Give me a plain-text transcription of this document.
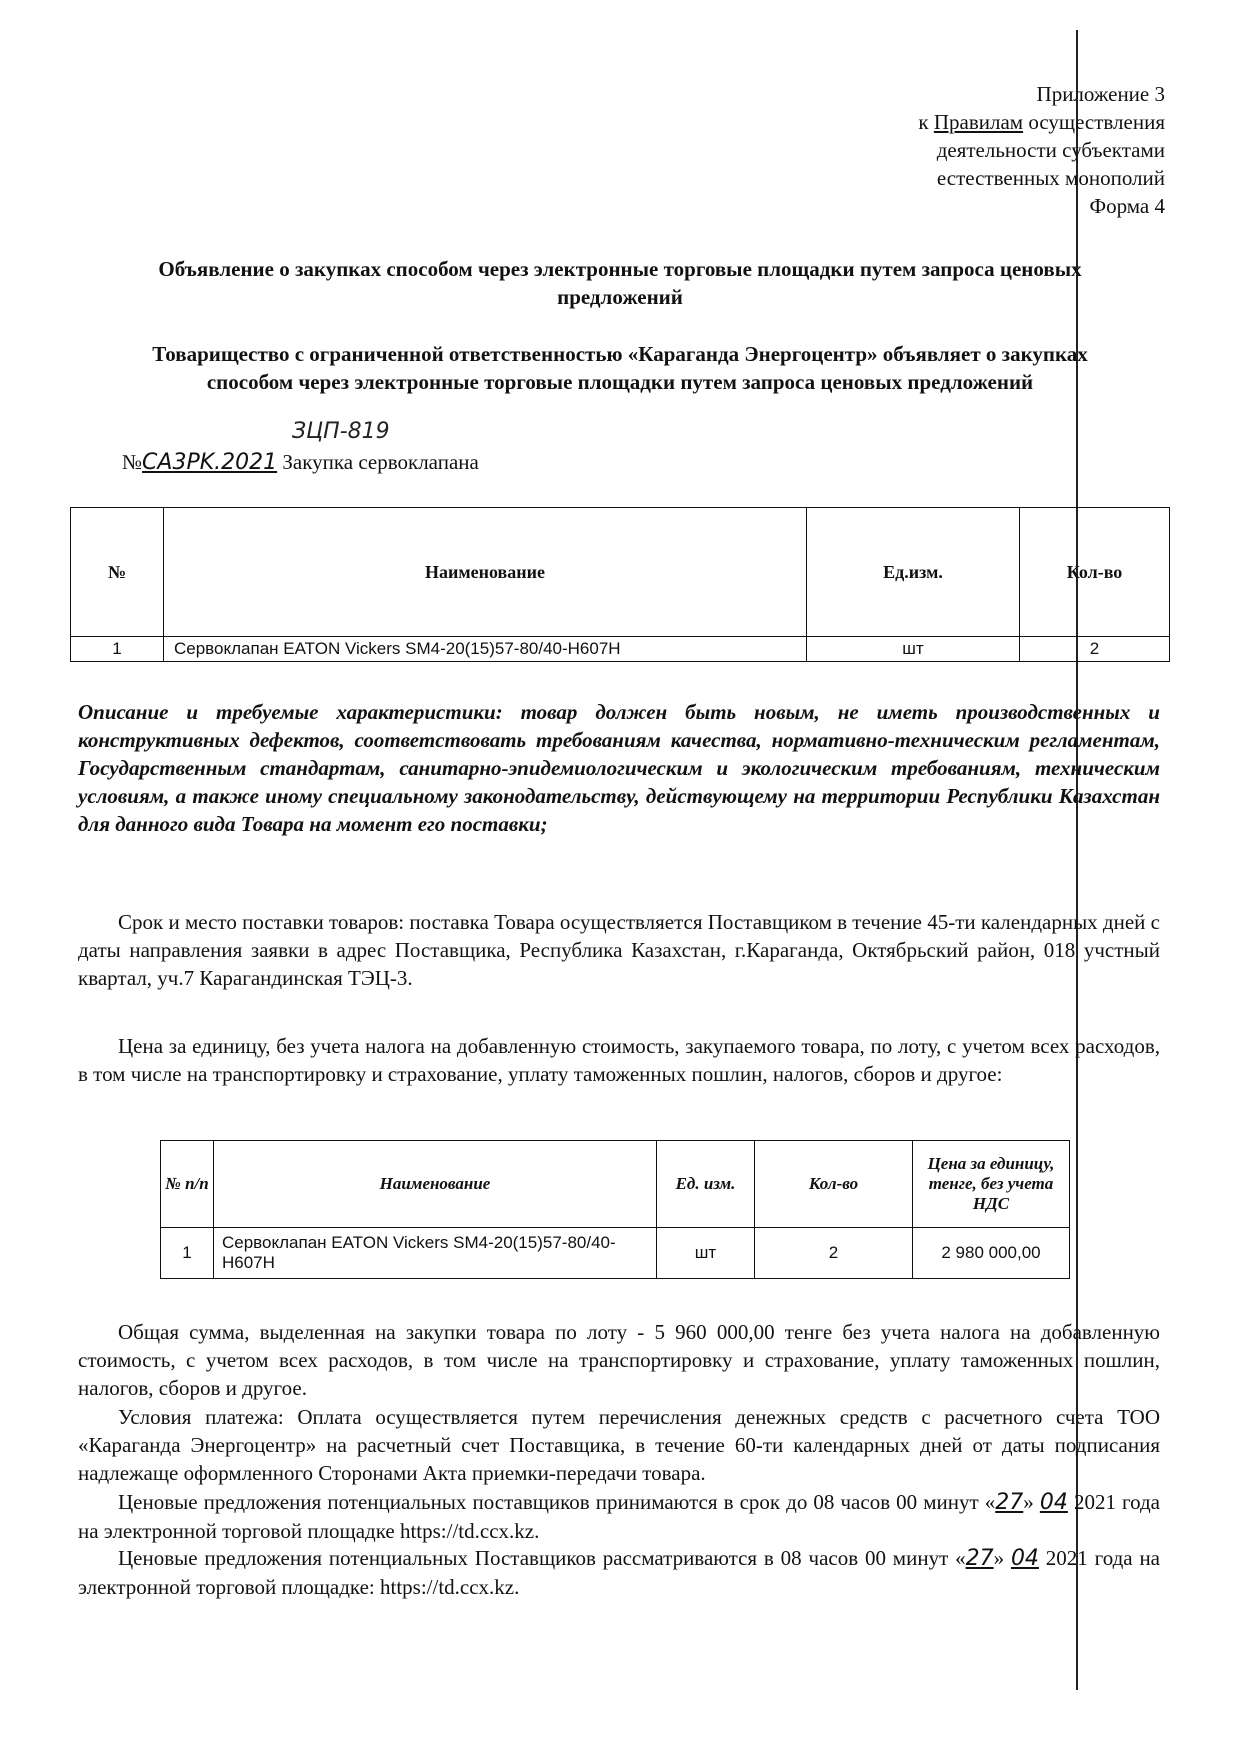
Приложение 3
к Правилам осуществления
деятельности субъектами
естественных монополий
Форма 4
Объявление о закупках способом через электронные торговые площадки путем запроса ценовых предложений
Товарищество с ограниченной ответственностью «Караганда Энергоцентр» объявляет о закупках способом через электронные торговые площадки путем запроса ценовых предложений
ЗЦП-819
№CA3PK.2021 Закупка сервоклапана
№	Наименование	Ед.изм.	Кол-во
1	Сервоклапан EATON Vickers SM4-20(15)57-80/40-H607H	шт	2
Описание и требуемые характеристики: товар должен быть новым, не иметь производственных и конструктивных дефектов, соответствовать требованиям качества, нормативно-техническим регламентам, Государственным стандартам, санитарно-эпидемиологическим и экологическим требованиям, техническим условиям, а также иному специальному законодательству, действующему на территории Республики Казахстан для данного вида Товара на момент его поставки;
Срок и место поставки товаров: поставка Товара осуществляется Поставщиком в течение 45-ти календарных дней с даты направления заявки в адрес Поставщика, Республика Казахстан, г.Караганда, Октябрьский район, 018 учстный квартал, уч.7 Карагандинская ТЭЦ-3.
Цена за единицу, без учета налога на добавленную стоимость, закупаемого товара, по лоту, с учетом всех расходов, в том числе на транспортировку и страхование, уплату таможенных пошлин, налогов, сборов и другое:
№ п/п	Наименование	Ед. изм.	Кол-во	Цена за единицу, тенге, без учета НДС
1	Сервоклапан EATON Vickers SM4-20(15)57-80/40-H607H	шт	2	2 980 000,00
Общая сумма, выделенная на закупки товара по лоту - 5 960 000,00 тенге без учета налога на добавленную стоимость, с учетом всех расходов, в том числе на транспортировку и страхование, уплату таможенных пошлин, налогов, сборов и другое.
Условия платежа: Оплата осуществляется путем перечисления денежных средств с расчетного счета ТОО «Караганда Энергоцентр» на расчетный счет Поставщика, в течение 60-ти календарных дней от даты подписания надлежаще оформленного Сторонами Акта приемки-передачи товара.
Ценовые предложения потенциальных поставщиков принимаются в срок до 08 часов 00 минут «27» 04 2021 года на электронной торговой площадке https://td.ccx.kz.
Ценовые предложения потенциальных Поставщиков рассматриваются в 08 часов 00 минут «27» 04 2021 года на электронной торговой площадке: https://td.ccx.kz.
